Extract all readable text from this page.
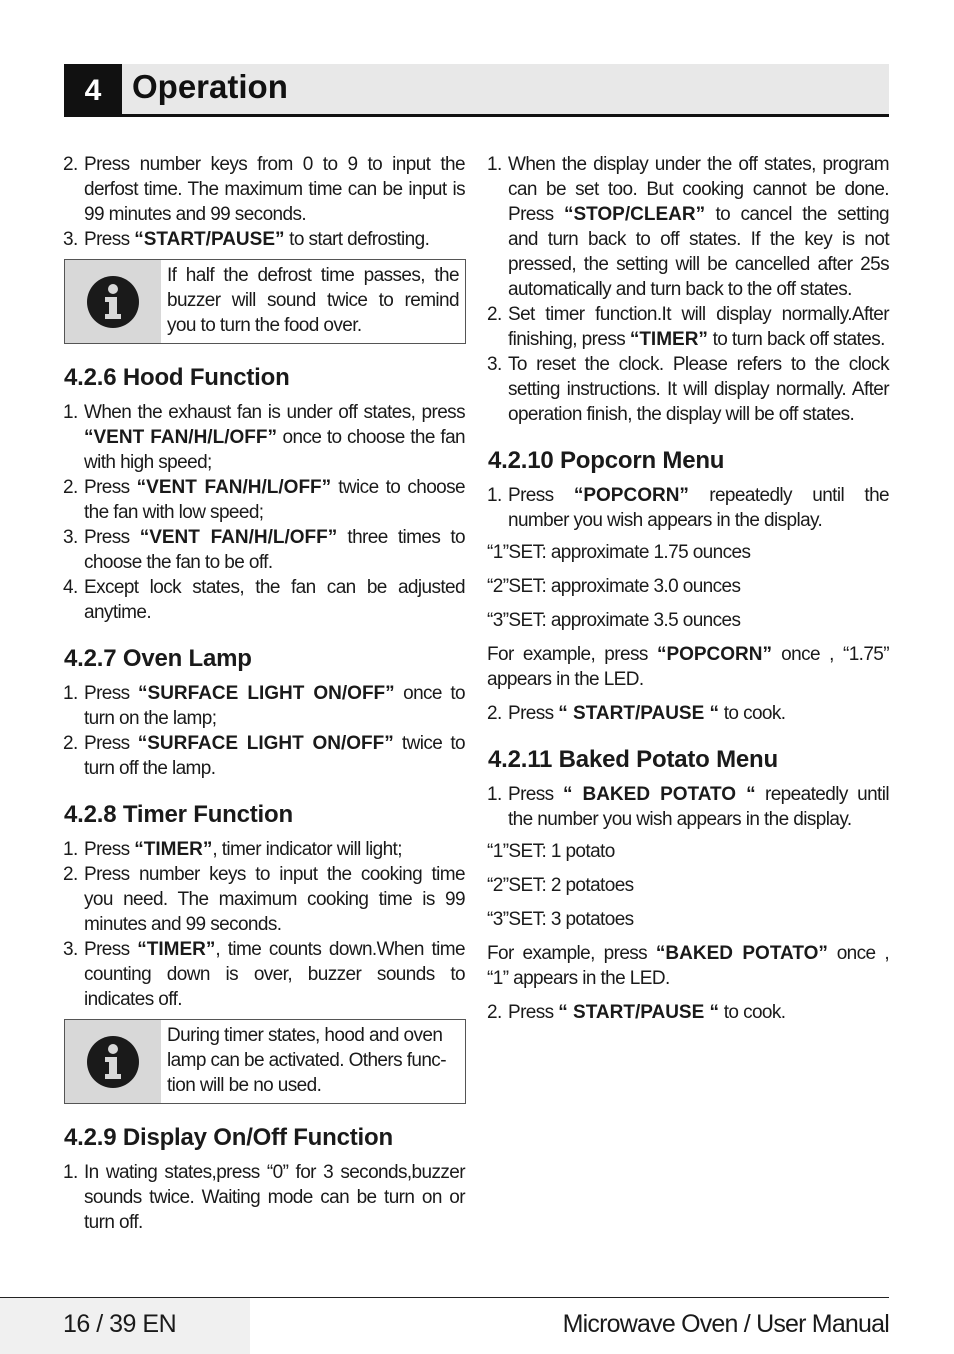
4 Operation
2. Press number keys from 0 to 9 to input the derfost time. The maximum time can be input is 99 minutes and 99 seconds.
3. Press “START/PAUSE” to start defrosting.

If half the defrost time passes, the buzzer will sound twice to remind you to turn the food over.

4.2.6 Hood Function
1. When the exhaust fan is under off states, press “VENT FAN/H/L/OFF” once to choose the fan with high speed;
2. Press “VENT FAN/H/L/OFF” twice to choose the fan with low speed;
3. Press “VENT FAN/H/L/OFF” three times to choose the fan to be off.
4. Except lock states, the fan can be adjusted anytime.
4.2.7 Oven Lamp
1. Press “SURFACE LIGHT ON/OFF” once to turn on the lamp;
2. Press “SURFACE LIGHT ON/OFF” twice to turn off the lamp.
4.2.8 Timer Function
1. Press “TIMER”, timer indicator will light;
2. Press number keys to input the cooking time you need. The maximum cooking time is 99 minutes and 99 seconds.
3. Press “TIMER”, time counts down.When time counting down is over, buzzer sounds to indicates off.

During timer states, hood and oven lamp can be activated. Others func-tion will be no used.

4.2.9 Display On/Off Function
1. In wating states,press “0” for 3 seconds,buzzer sounds twice. Waiting mode can be turn on or turn off.
1. When the display under the off states, program can be set too. But cooking cannot be done. Press “STOP/CLEAR” to cancel the setting and turn back to off states. If the key is not pressed, the setting will be cancelled after 25s automatically and turn back to the off states.
2. Set timer function.It will display normally.After finishing, press “TIMER” to turn back off states.
3. To reset the clock. Please refers to the clock setting instructions. It will display normally. After operation finish, the display will be off states.
4.2.10 Popcorn Menu
1. Press “POPCORN” repeatedly until the number you wish appears in the display.

“1”SET: approximate 1.75 ounces

“2”SET: approximate 3.0 ounces

“3”SET: approximate 3.5 ounces

For example, press “POPCORN” once , “1.75” appears in the LED.

2. Press “ START/PAUSE “ to cook.
4.2.11 Baked Potato Menu
1. Press “ BAKED POTATO “ repeatedly until the number you wish appears in the display.

“1”SET: 1 potato

“2”SET: 2 potatoes

“3”SET: 3 potatoes

For example, press “BAKED POTATO” once , “1” appears in the LED.

2. Press “ START/PAUSE “ to cook.
16 / 39 EN	Microwave Oven / User Manual
